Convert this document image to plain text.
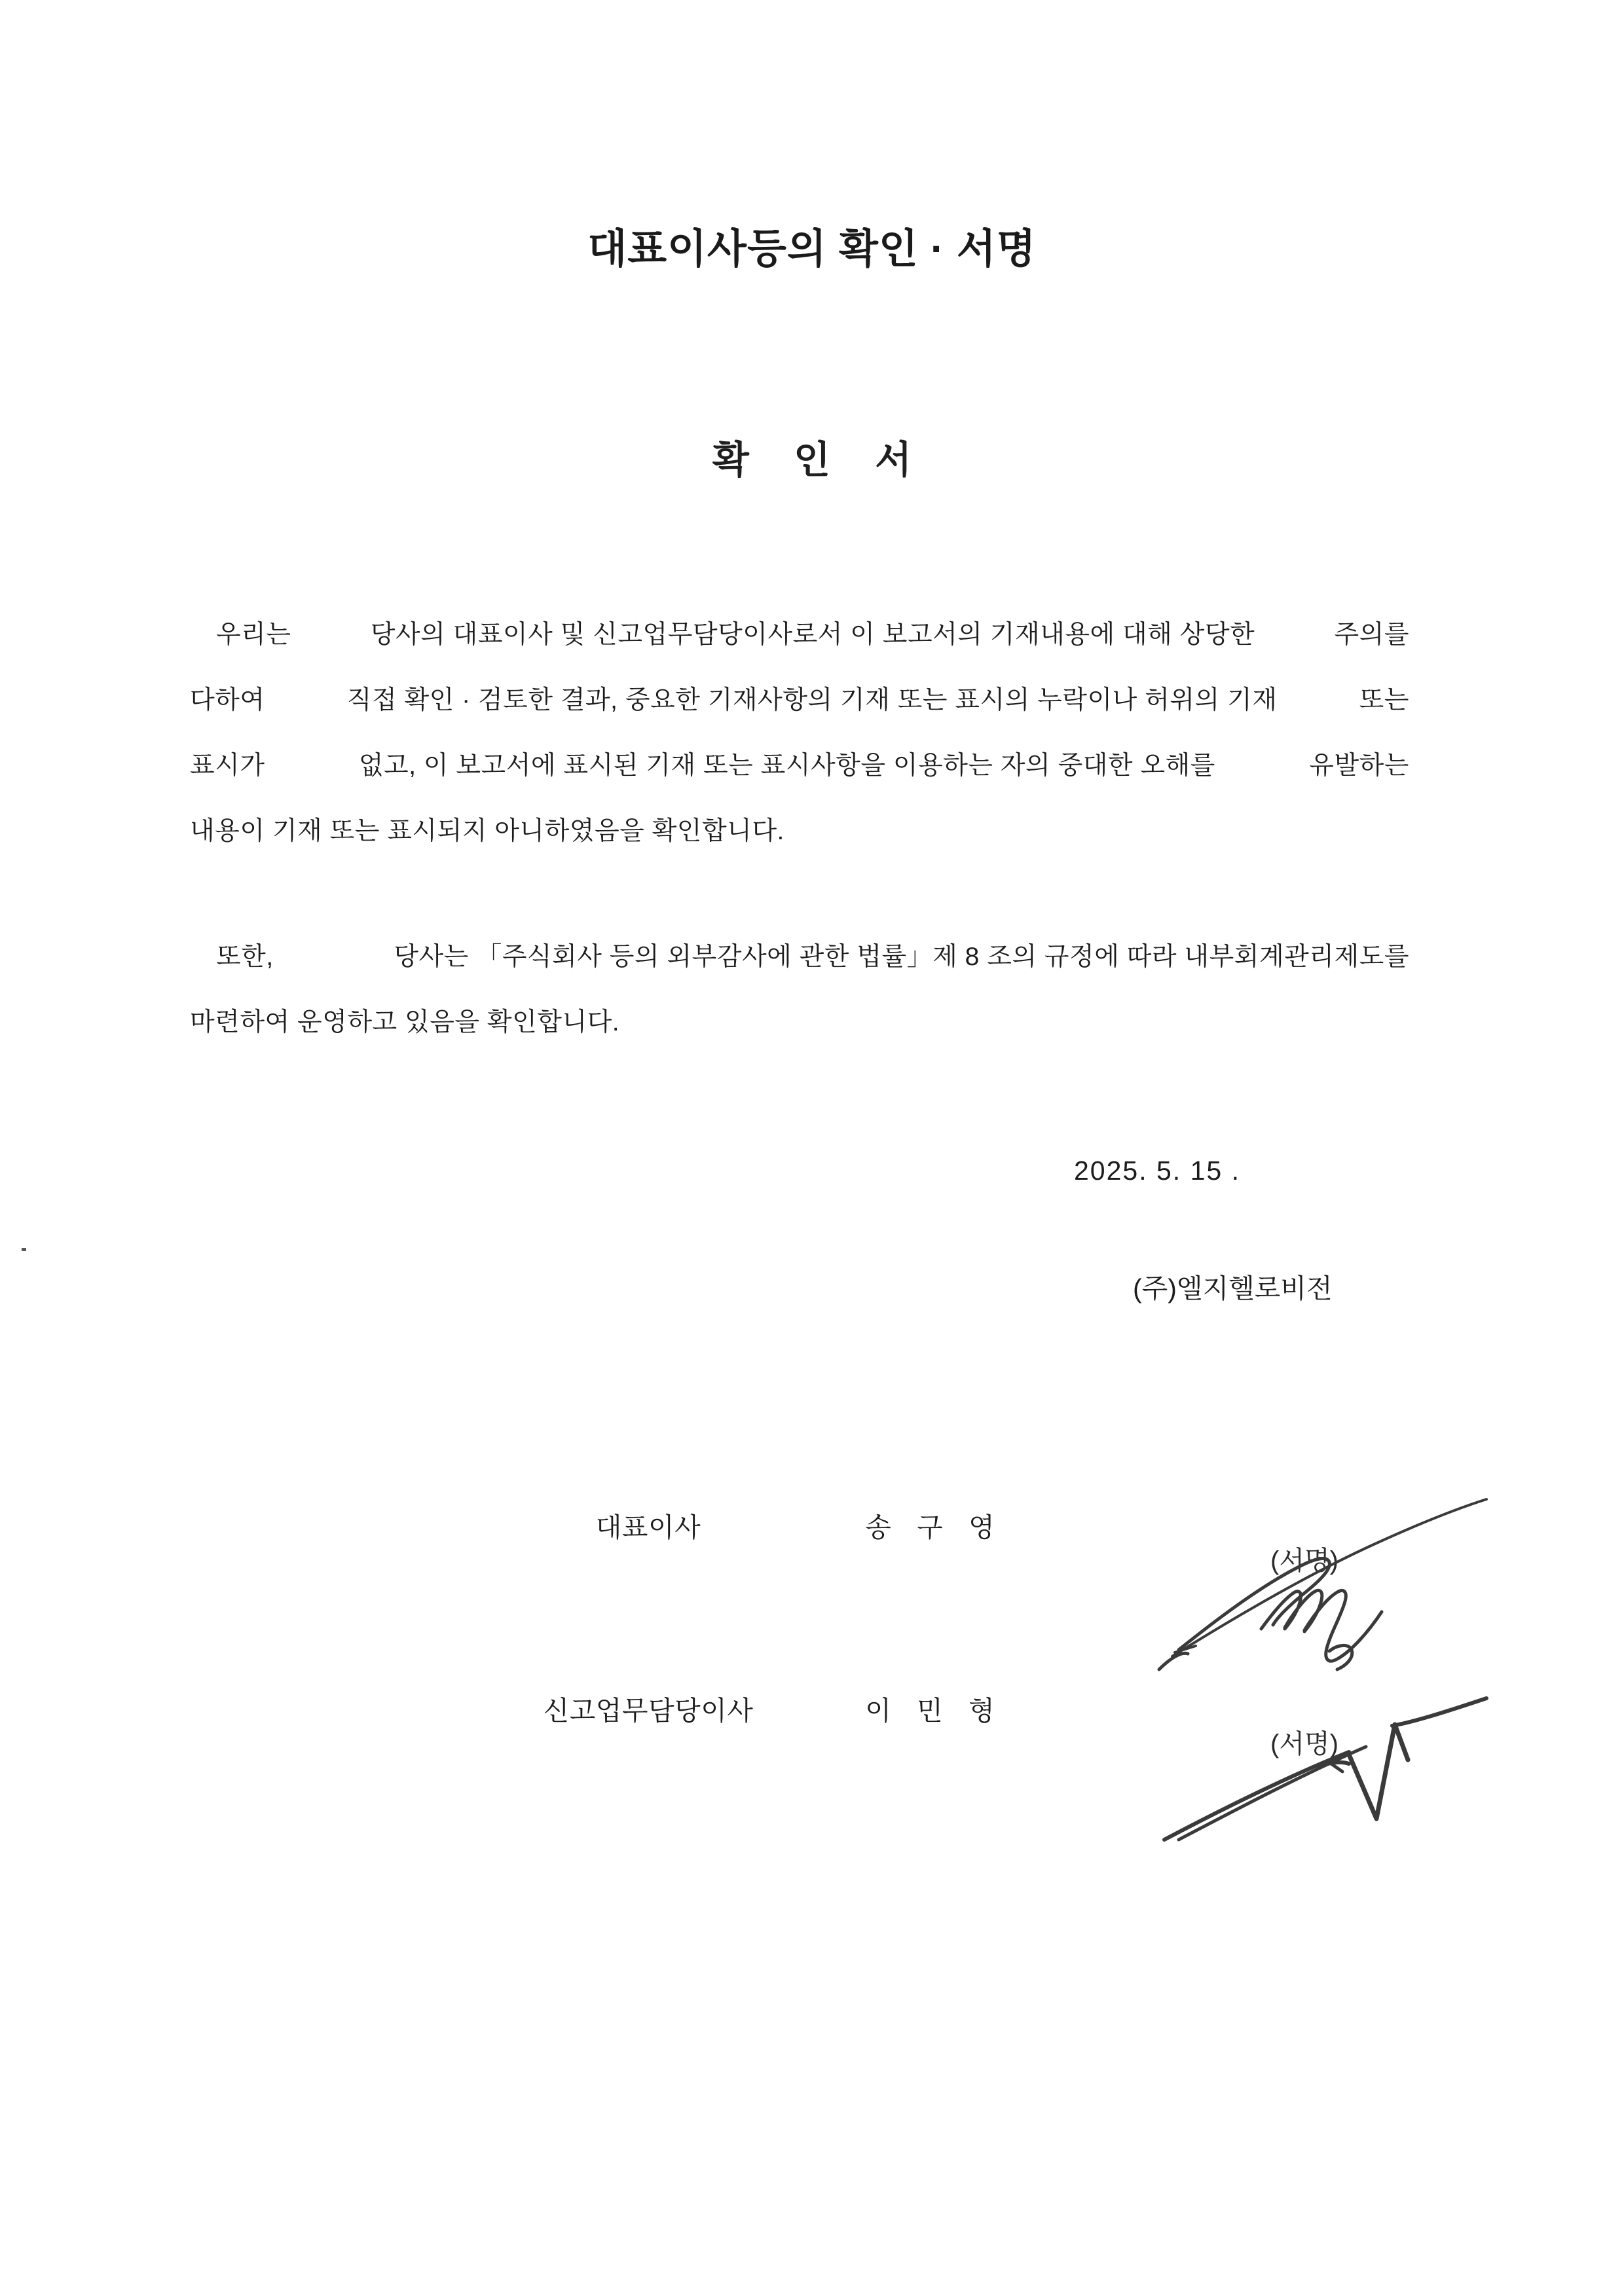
대표이사등의 확인 · 서명
확 인 서
우리는	당사의 대표이사 및 신고업무담당이사로서 이 보고서의 기재내용에 대해 상당한	주의를
다하여	직접 확인 · 검토한 결과, 중요한 기재사항의 기재 또는 표시의 누락이나 허위의 기재	또는
표시가	없고, 이 보고서에 표시된 기재 또는 표시사항을 이용하는 자의 중대한 오해를	유발하는
내용이 기재 또는 표시되지 아니하였음을 확인합니다.
또한,	당사는 「주식회사 등의 외부감사에 관한 법률」제 8 조의 규정에 따라 내부회계관리제도를
마련하여 운영하고 있음을 확인합니다.
2025. 5. 15 .
(주)엘지헬로비전
대표이사	송 구 영
(서명)
신고업무담당이사	이 민 형
(서명)
